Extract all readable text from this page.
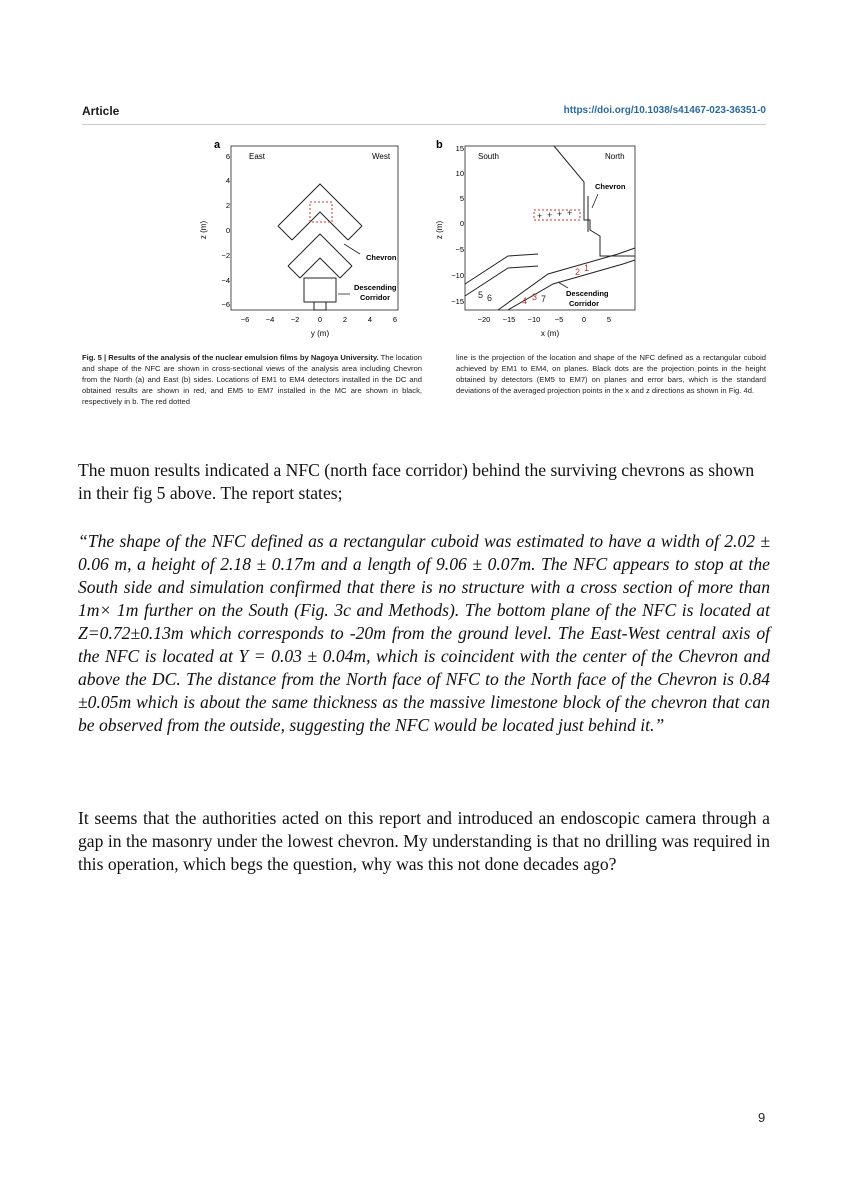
Article	https://doi.org/10.1038/s41467-023-36351-0
a
East	West
6
4
2
0
−2
−4
−6
z (m)
−6 −4 −2 0	2	4	6
y (m)
Chevron
Descending
Corridor
b
South	North
15
10
5
0
−5
−10
−15
z (m)
−20 −15 −10 −5 0	5
x (m)
+ + + +
Chevron
1
2
3
4
5 6	7
Descending
Corridor
Fig. 5 | Results of the analysis of the nuclear emulsion films by Nagoya University. The location and shape of the NFC are shown in cross-sectional views of the analysis area including Chevron from the North (a) and East (b) sides. Locations of EM1 to EM4 detectors installed in the DC and obtained results are shown in red, and EM5 to EM7 installed in the MC are shown in black, respectively in b. The red dotted
line is the projection of the location and shape of the NFC defined as a rectangular cuboid achieved by EM1 to EM4, on planes. Black dots are the projection points in the height obtained by detectors (EM5 to EM7) on planes and error bars, which is the standard deviations of the averaged projection points in the x and z directions as shown in Fig. 4d.

The muon results indicated a NFC (north face corridor) behind the surviving chevrons as shown in their fig 5 above. The report states;

“The shape of the NFC defined as a rectangular cuboid was estimated to have a width of 2.02 ± 0.06 m, a height of 2.18 ± 0.17m and a length of 9.06 ± 0.07m. The NFC appears to stop at the South side and simulation confirmed that there is no structure with a cross section of more than 1m× 1m further on the South (Fig. 3c and Methods). The bottom plane of the NFC is located at Z=0.72±0.13m which corresponds to -20m from the ground level. The East-West central axis of the NFC is located at Y = 0.03 ± 0.04m, which is coincident with the center of the Chevron and above the DC. The distance from the North face of NFC to the North face of the Chevron is 0.84 ±0.05m which is about the same thickness as the massive limestone block of the chevron that can be observed from the outside, suggesting the NFC would be located just behind it.”

It seems that the authorities acted on this report and introduced an endoscopic camera through a gap in the masonry under the lowest chevron. My understanding is that no drilling was required in this operation, which begs the question, why was this not done decades ago?

9
